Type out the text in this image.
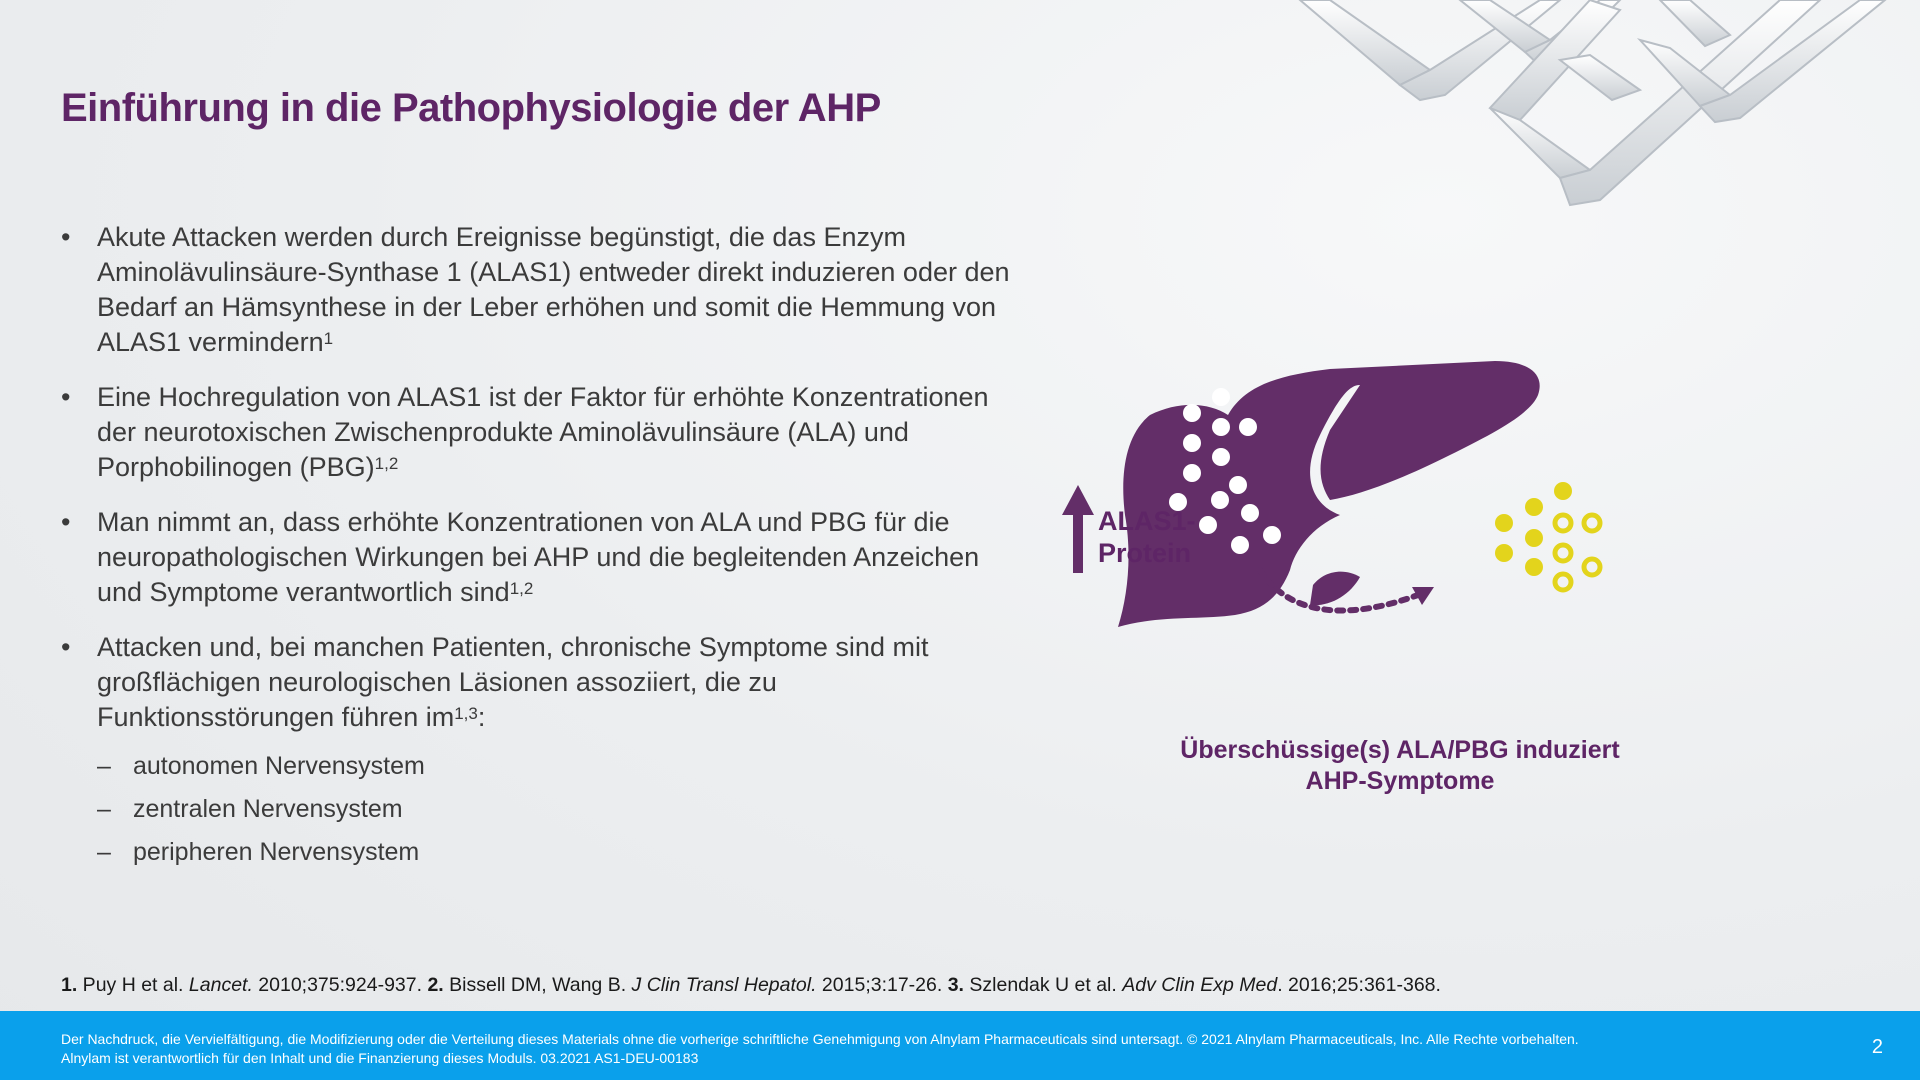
Einführung in die Pathophysiologie der AHP
• Akute Attacken werden durch Ereignisse begünstigt, die das Enzym Aminolävulinsäure-Synthase 1 (ALAS1) entweder direkt induzieren oder den Bedarf an Hämsynthese in der Leber erhöhen und somit die Hemmung von ALAS1 vermindern$^1$
• Eine Hochregulation von ALAS1 ist der Faktor für erhöhte Konzentrationen der neurotoxischen Zwischenprodukte Aminolävulinsäure (ALA) und Porphobilinogen (PBG)$^{1,2}$
• Man nimmt an, dass erhöhte Konzentrationen von ALA und PBG für die neuropathologischen Wirkungen bei AHP und die begleitenden Anzeichen und Symptome verantwortlich sind$^{1,2}$
• Attacken und, bei manchen Patienten, chronische Symptome sind mit großflächigen neurologischen Läsionen assoziiert, die zu Funktionsstörungen führen im$^{1,3}$:
– autonomen Nervensystem
– zentralen Nervensystem
– peripheren Nervensystem
ALAS1-
Protein
Überschüssige(s) ALA/PBG induziert
AHP-Symptome
1. Puy H et al. Lancet. 2010;375:924-937. 2. Bissell DM, Wang B. J Clin Transl Hepatol. 2015;3:17-26. 3. Szlendak U et al. Adv Clin Exp Med. 2016;25:361-368.
Der Nachdruck, die Vervielfältigung, die Modifizierung oder die Verteilung dieses Materials ohne die vorherige schriftliche Genehmigung von Alnylam Pharmaceuticals sind untersagt. © 2021 Alnylam Pharmaceuticals, Inc. Alle Rechte vorbehalten.
Alnylam ist verantwortlich für den Inhalt und die Finanzierung dieses Moduls. 03.2021 AS1-DEU-00183	2
